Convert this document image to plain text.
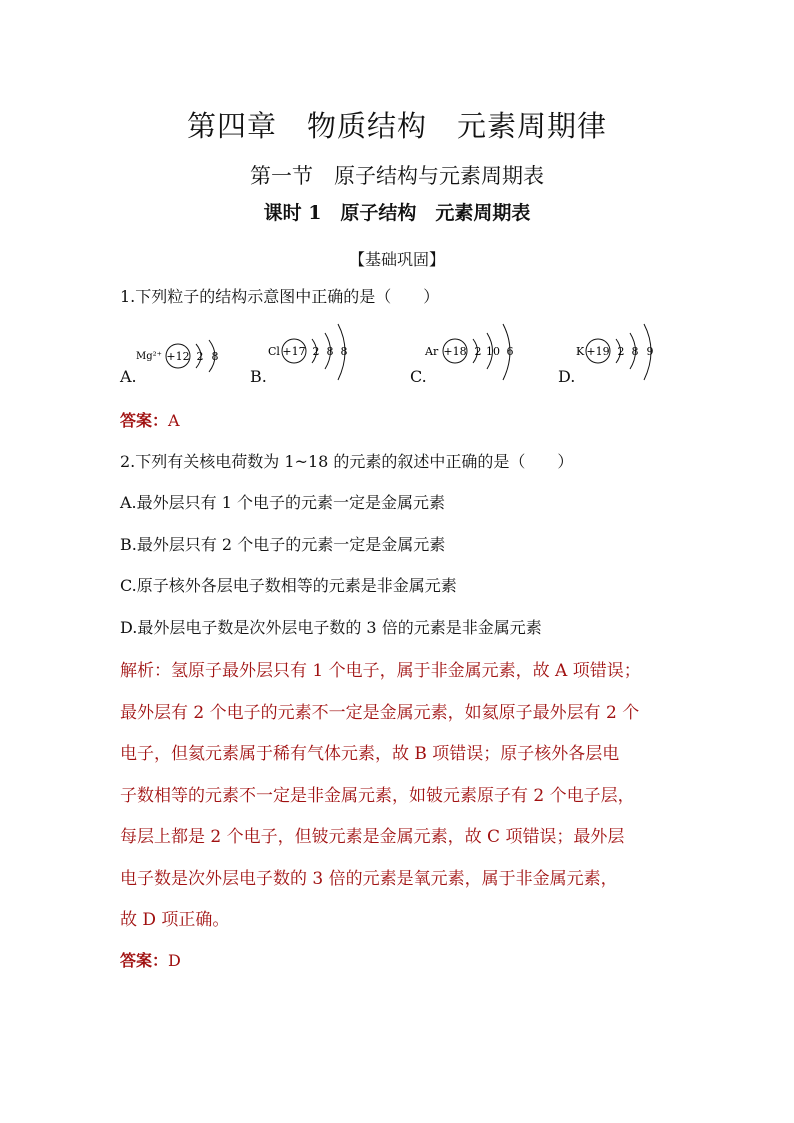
第四章　物质结构　元素周期律
第一节　原子结构与元素周期表
课时 1　原子结构　元素周期表
【基础巩固】
1.下列粒子的结构示意图中正确的是（　　）
A.
Mg²⁺ +12 2 8
B.
Cl +17 2 8 8
C.
Ar +18 2 10 6
D.
K +19 2 8 9
答案：A
2.下列有关核电荷数为 1~18 的元素的叙述中正确的是（　　）
A.最外层只有 1 个电子的元素一定是金属元素
B.最外层只有 2 个电子的元素一定是金属元素
C.原子核外各层电子数相等的元素是非金属元素
D.最外层电子数是次外层电子数的 3 倍的元素是非金属元素
解析：氢原子最外层只有 1 个电子，属于非金属元素，故 A 项错误；
最外层有 2 个电子的元素不一定是金属元素，如氦原子最外层有 2 个
电子，但氦元素属于稀有气体元素，故 B 项错误；原子核外各层电
子数相等的元素不一定是非金属元素，如铍元素原子有 2 个电子层，
每层上都是 2 个电子，但铍元素是金属元素，故 C 项错误；最外层
电子数是次外层电子数的 3 倍的元素是氧元素，属于非金属元素，
故 D 项正确。
答案：D
